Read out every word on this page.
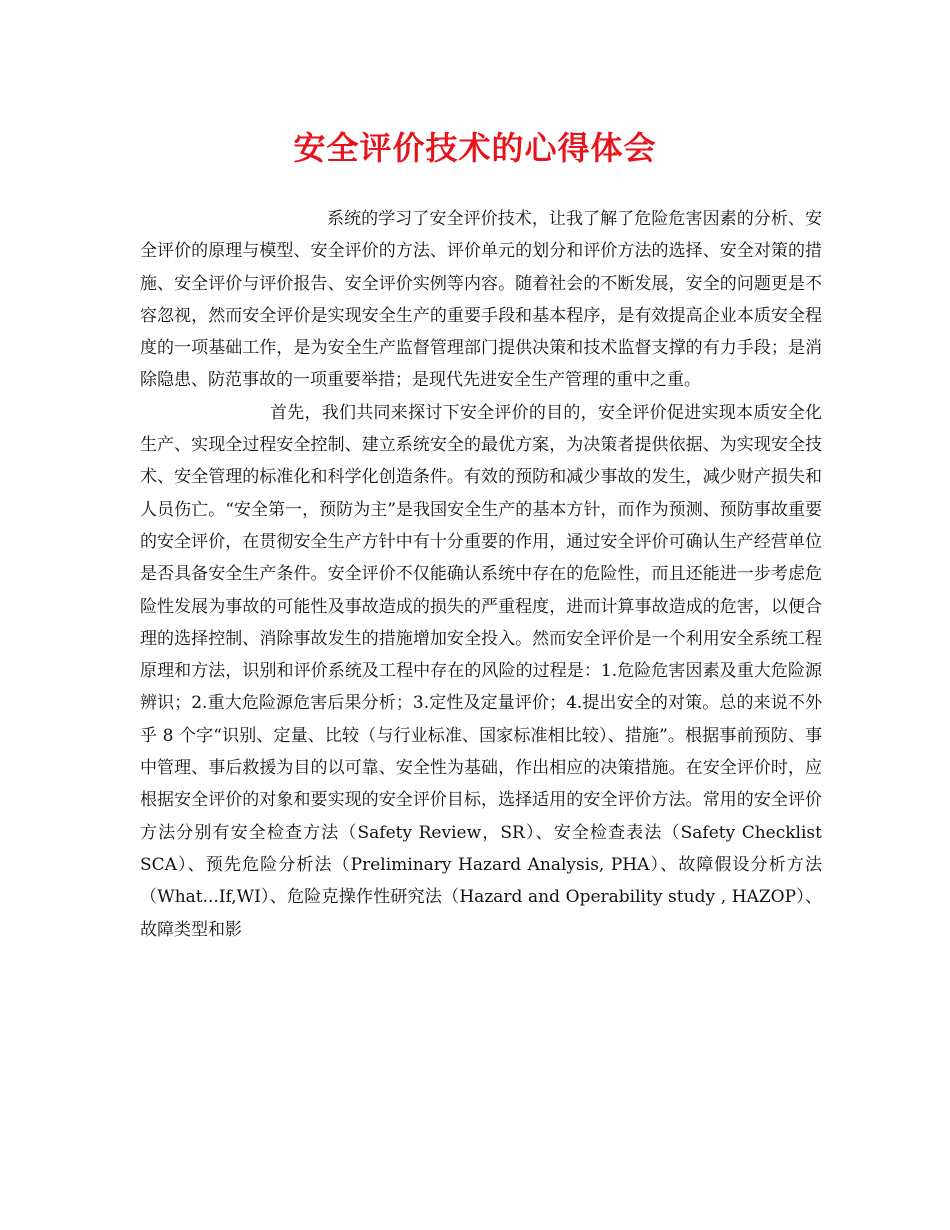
安全评价技术的心得体会

系统的学习了安全评价技术，让我了解了危险危害因素的分析、安全评价的原理与模型、安全评价的方法、评价单元的划分和评价方法的选择、安全对策的措施、安全评价与评价报告、安全评价实例等内容。随着社会的不断发展，安全的问题更是不容忽视，然而安全评价是实现安全生产的重要手段和基本程序，是有效提高企业本质安全程度的一项基础工作，是为安全生产监督管理部门提供决策和技术监督支撑的有力手段；是消除隐患、防范事故的一项重要举措；是现代先进安全生产管理的重中之重。

首先，我们共同来探讨下安全评价的目的，安全评价促进实现本质安全化生产、实现全过程安全控制、建立系统安全的最优方案，为决策者提供依据、为实现安全技术、安全管理的标准化和科学化创造条件。有效的预防和减少事故的发生，减少财产损失和人员伤亡。“安全第一，预防为主”是我国安全生产的基本方针，而作为预测、预防事故重要的安全评价，在贯彻安全生产方针中有十分重要的作用，通过安全评价可确认生产经营单位是否具备安全生产条件。安全评价不仅能确认系统中存在的危险性，而且还能进一步考虑危险性发展为事故的可能性及事故造成的损失的严重程度，进而计算事故造成的危害，以便合理的选择控制、消除事故发生的措施增加安全投入。然而安全评价是一个利用安全系统工程原理和方法，识别和评价系统及工程中存在的风险的过程是：1.危险危害因素及重大危险源辨识；2.重大危险源危害后果分析；3.定性及定量评价；4.提出安全的对策。总的来说不外乎 8 个字“识别、定量、比较（与行业标准、国家标准相比较）、措施”。根据事前预防、事中管理、事后救援为目的以可靠、安全性为基础，作出相应的决策措施。在安全评价时，应根据安全评价的对象和要实现的安全评价目标，选择适用的安全评价方法。常用的安全评价方法分别有安全检查方法（Safety Review，SR）、安全检查表法（Safety Checklist SCA）、预先危险分析法（Preliminary Hazard Analysis, PHA）、故障假设分析方法（What...If,WI）、危险克操作性研究法（Hazard and Operability study , HAZOP）、故障类型和影
